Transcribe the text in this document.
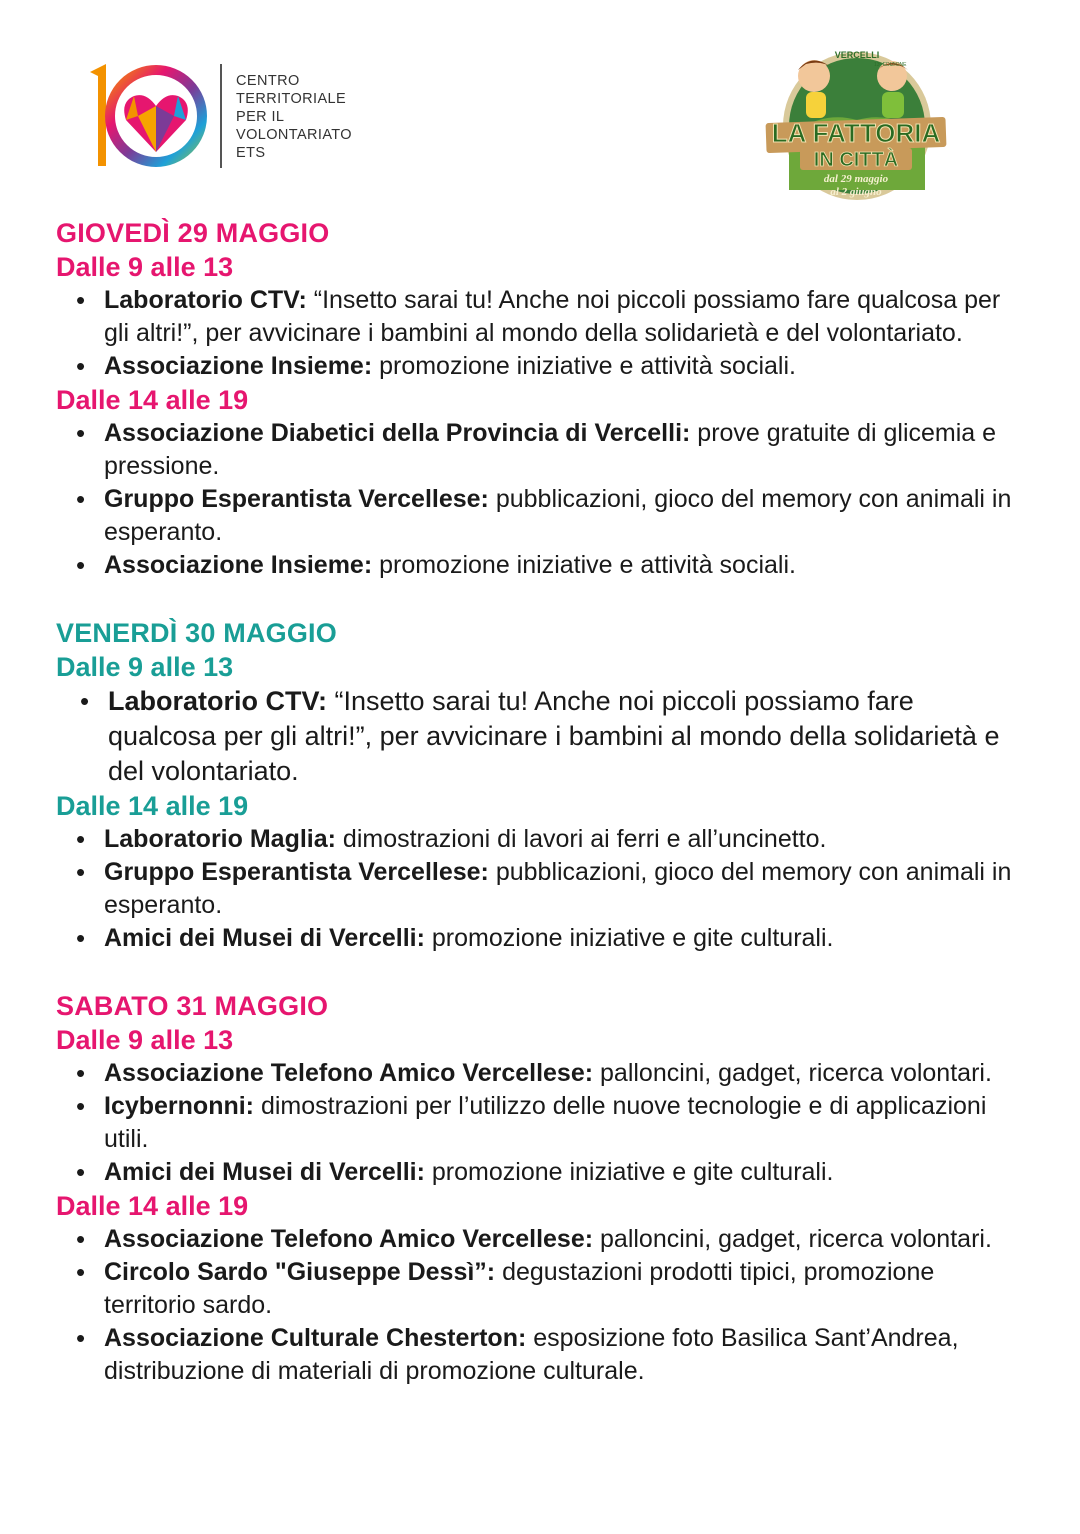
CENTRO
TERRITORIALE
PER IL
VOLONTARIATO
ETS
VERCELLI
13ª EDIZIONE
LA FATTORIA
IN CITTÀ
dal 29 maggio
al 2 giugno
GIOVEDÌ 29 MAGGIO
Dalle 9 alle 13
• Laboratorio CTV: “Insetto sarai tu! Anche noi piccoli possiamo fare qualcosa per gli altri!”, per avvicinare i bambini al mondo della solidarietà e del volontariato.
• Associazione Insieme: promozione iniziative e attività sociali.
Dalle 14 alle 19
• Associazione Diabetici della Provincia di Vercelli: prove gratuite di glicemia e pressione.
• Gruppo Esperantista Vercellese: pubblicazioni, gioco del memory con animali in esperanto.
• Associazione Insieme: promozione iniziative e attività sociali.
VENERDÌ 30 MAGGIO
Dalle 9 alle 13
• Laboratorio CTV: “Insetto sarai tu! Anche noi piccoli possiamo fare qualcosa per gli altri!”, per avvicinare i bambini al mondo della solidarietà e del volontariato.
Dalle 14 alle 19
• Laboratorio Maglia: dimostrazioni di lavori ai ferri e all’uncinetto.
• Gruppo Esperantista Vercellese: pubblicazioni, gioco del memory con animali in esperanto.
• Amici dei Musei di Vercelli: promozione iniziative e gite culturali.
SABATO 31 MAGGIO
Dalle 9 alle 13
• Associazione Telefono Amico Vercellese: palloncini, gadget, ricerca volontari.
• Icybernonni: dimostrazioni per l’utilizzo delle nuove tecnologie e di applicazioni utili.
• Amici dei Musei di Vercelli: promozione iniziative e gite culturali.
Dalle 14 alle 19
• Associazione Telefono Amico Vercellese: palloncini, gadget, ricerca volontari.
• Circolo Sardo "Giuseppe Dessì”: degustazioni prodotti tipici, promozione territorio sardo.
• Associazione Culturale Chesterton: esposizione foto Basilica Sant’Andrea, distribuzione di materiali di promozione culturale.
